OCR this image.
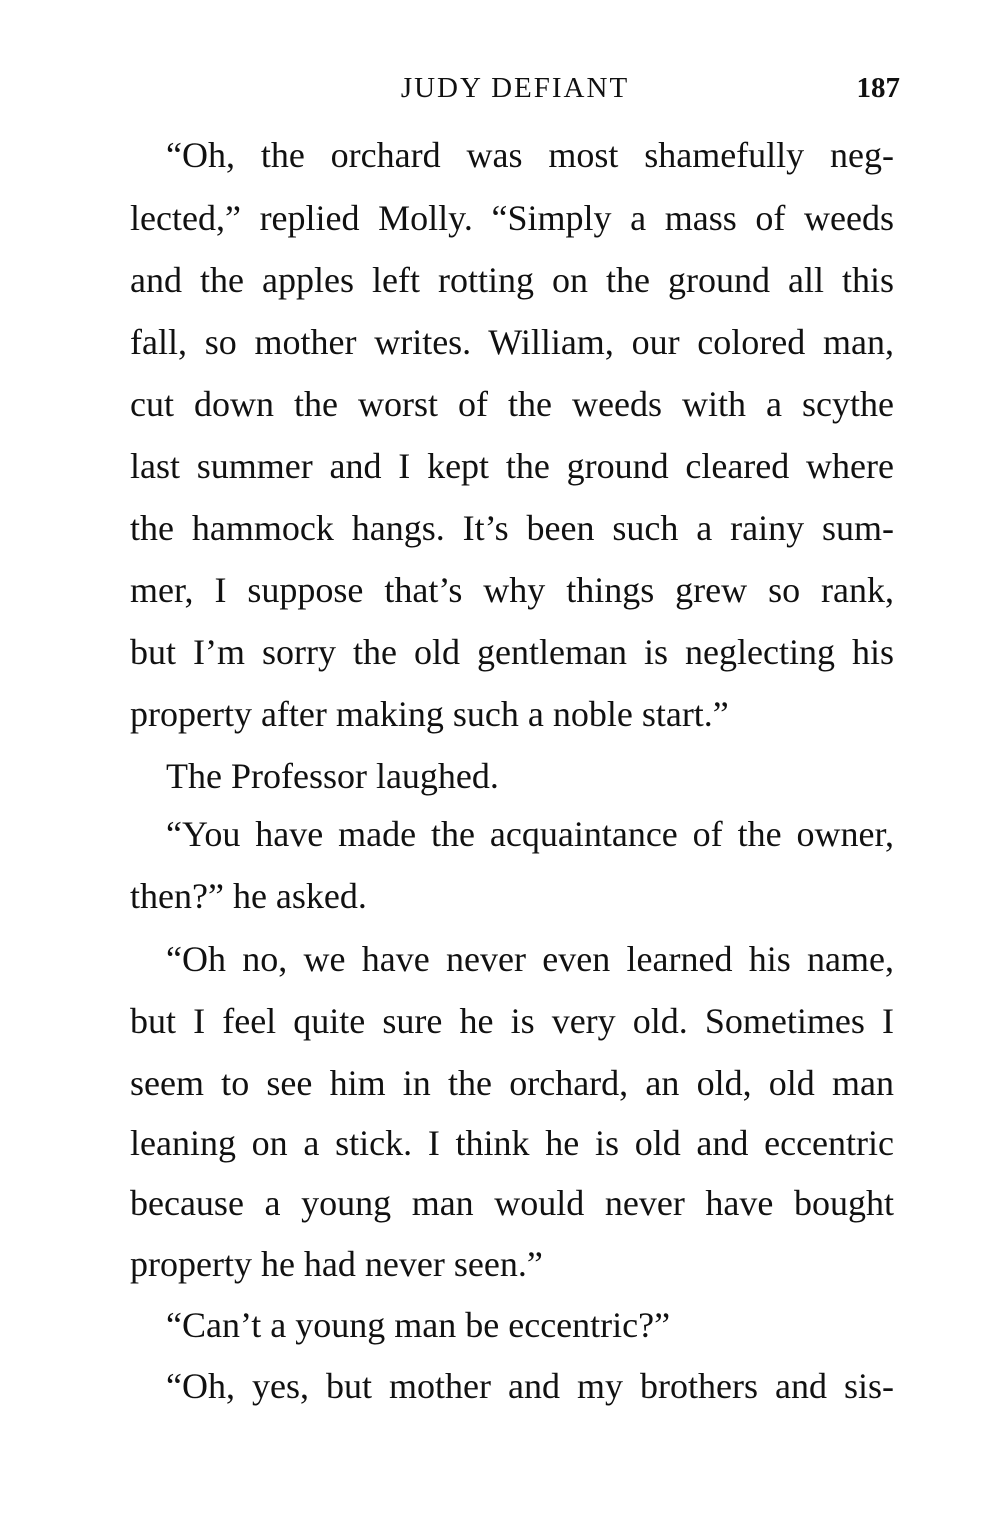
JUDY DEFIANT	187
“Oh, the orchard was most shamefully neg-
lected,” replied Molly. “Simply a mass of weeds
and the apples left rotting on the ground all this
fall, so mother writes. William, our colored man,
cut down the worst of the weeds with a scythe
last summer and I kept the ground cleared where
the hammock hangs. It’s been such a rainy sum-
mer, I suppose that’s why things grew so rank,
but I’m sorry the old gentleman is neglecting his
property after making such a noble start.”
The Professor laughed.
“You have made the acquaintance of the owner,
then?” he asked.
“Oh no, we have never even learned his name,
but I feel quite sure he is very old. Sometimes I
seem to see him in the orchard, an old, old man
leaning on a stick. I think he is old and eccentric
because a young man would never have bought
property he had never seen.”
“Can’t a young man be eccentric?”
“Oh, yes, but mother and my brothers and sis-
